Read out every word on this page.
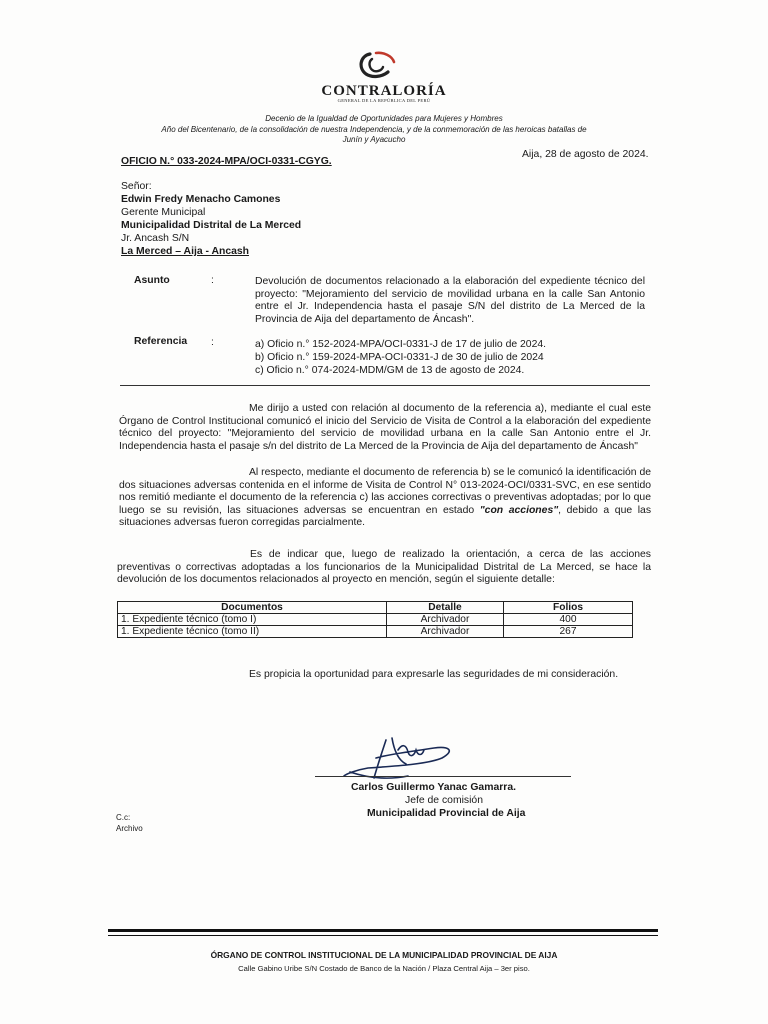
CONTRALORÍA
GENERAL DE LA REPÚBLICA DEL PERÚ
Decenio de la Igualdad de Oportunidades para Mujeres y Hombres
Año del Bicentenario, de la consolidación de nuestra Independencia, y de la conmemoración de las heroicas batallas de
Junín y Ayacucho
Aija, 28 de agosto de 2024.
OFICIO N.° 033-2024-MPA/OCI-0331-CGYG.
Señor:
Edwin Fredy Menacho Camones
Gerente Municipal
Municipalidad Distrital de La Merced
Jr. Ancash S/N
La Merced – Aija - Ancash
Asunto	:	Devolución de documentos relacionado a la elaboración del expediente técnico del proyecto: "Mejoramiento del servicio de movilidad urbana en la calle San Antonio entre el Jr. Independencia hasta el pasaje S/N del distrito de La Merced de la Provincia de Aija del departamento de Áncash".
Referencia :	a) Oficio n.° 152-2024-MPA/OCI-0331-J de 17 de julio de 2024.
b) Oficio n.° 159-2024-MPA-OCI-0331-J de 30 de julio de 2024
c) Oficio n.° 074-2024-MDM/GM de 13 de agosto de 2024.
Me dirijo a usted con relación al documento de la referencia a), mediante el cual este Órgano de Control Institucional comunicó el inicio del Servicio de Visita de Control a la elaboración del expediente técnico del proyecto: "Mejoramiento del servicio de movilidad urbana en la calle San Antonio entre el Jr. Independencia hasta el pasaje s/n del distrito de La Merced de la Provincia de Aija del departamento de Áncash"
Al respecto, mediante el documento de referencia b) se le comunicó la identificación de dos situaciones adversas contenida en el informe de Visita de Control N° 013-2024-OCI/0331-SVC, en ese sentido nos remitió mediante el documento de la referencia c) las acciones correctivas o preventivas adoptadas; por lo que luego se su revisión, las situaciones adversas se encuentran en estado "con acciones", debido a que las situaciones adversas fueron corregidas parcialmente.
Es de indicar que, luego de realizado la orientación, a cerca de las acciones preventivas o correctivas adoptadas a los funcionarios de la Municipalidad Distrital de La Merced, se hace la devolución de los documentos relacionados al proyecto en mención, según el siguiente detalle:
Documentos	Detalle	Folios
1. Expediente técnico (tomo I)	Archivador	400
1. Expediente técnico (tomo II)	Archivador	267
Es propicia la oportunidad para expresarle las seguridades de mi consideración.
Carlos Guillermo Yanac Gamarra.
Jefe de comisión
Municipalidad Provincial de Aija
C.c:
Archivo
ÓRGANO DE CONTROL INSTITUCIONAL DE LA MUNICIPALIDAD PROVINCIAL DE AIJA
Calle Gabino Uribe S/N Costado de Banco de la Nación / Plaza Central Aija – 3er piso.
